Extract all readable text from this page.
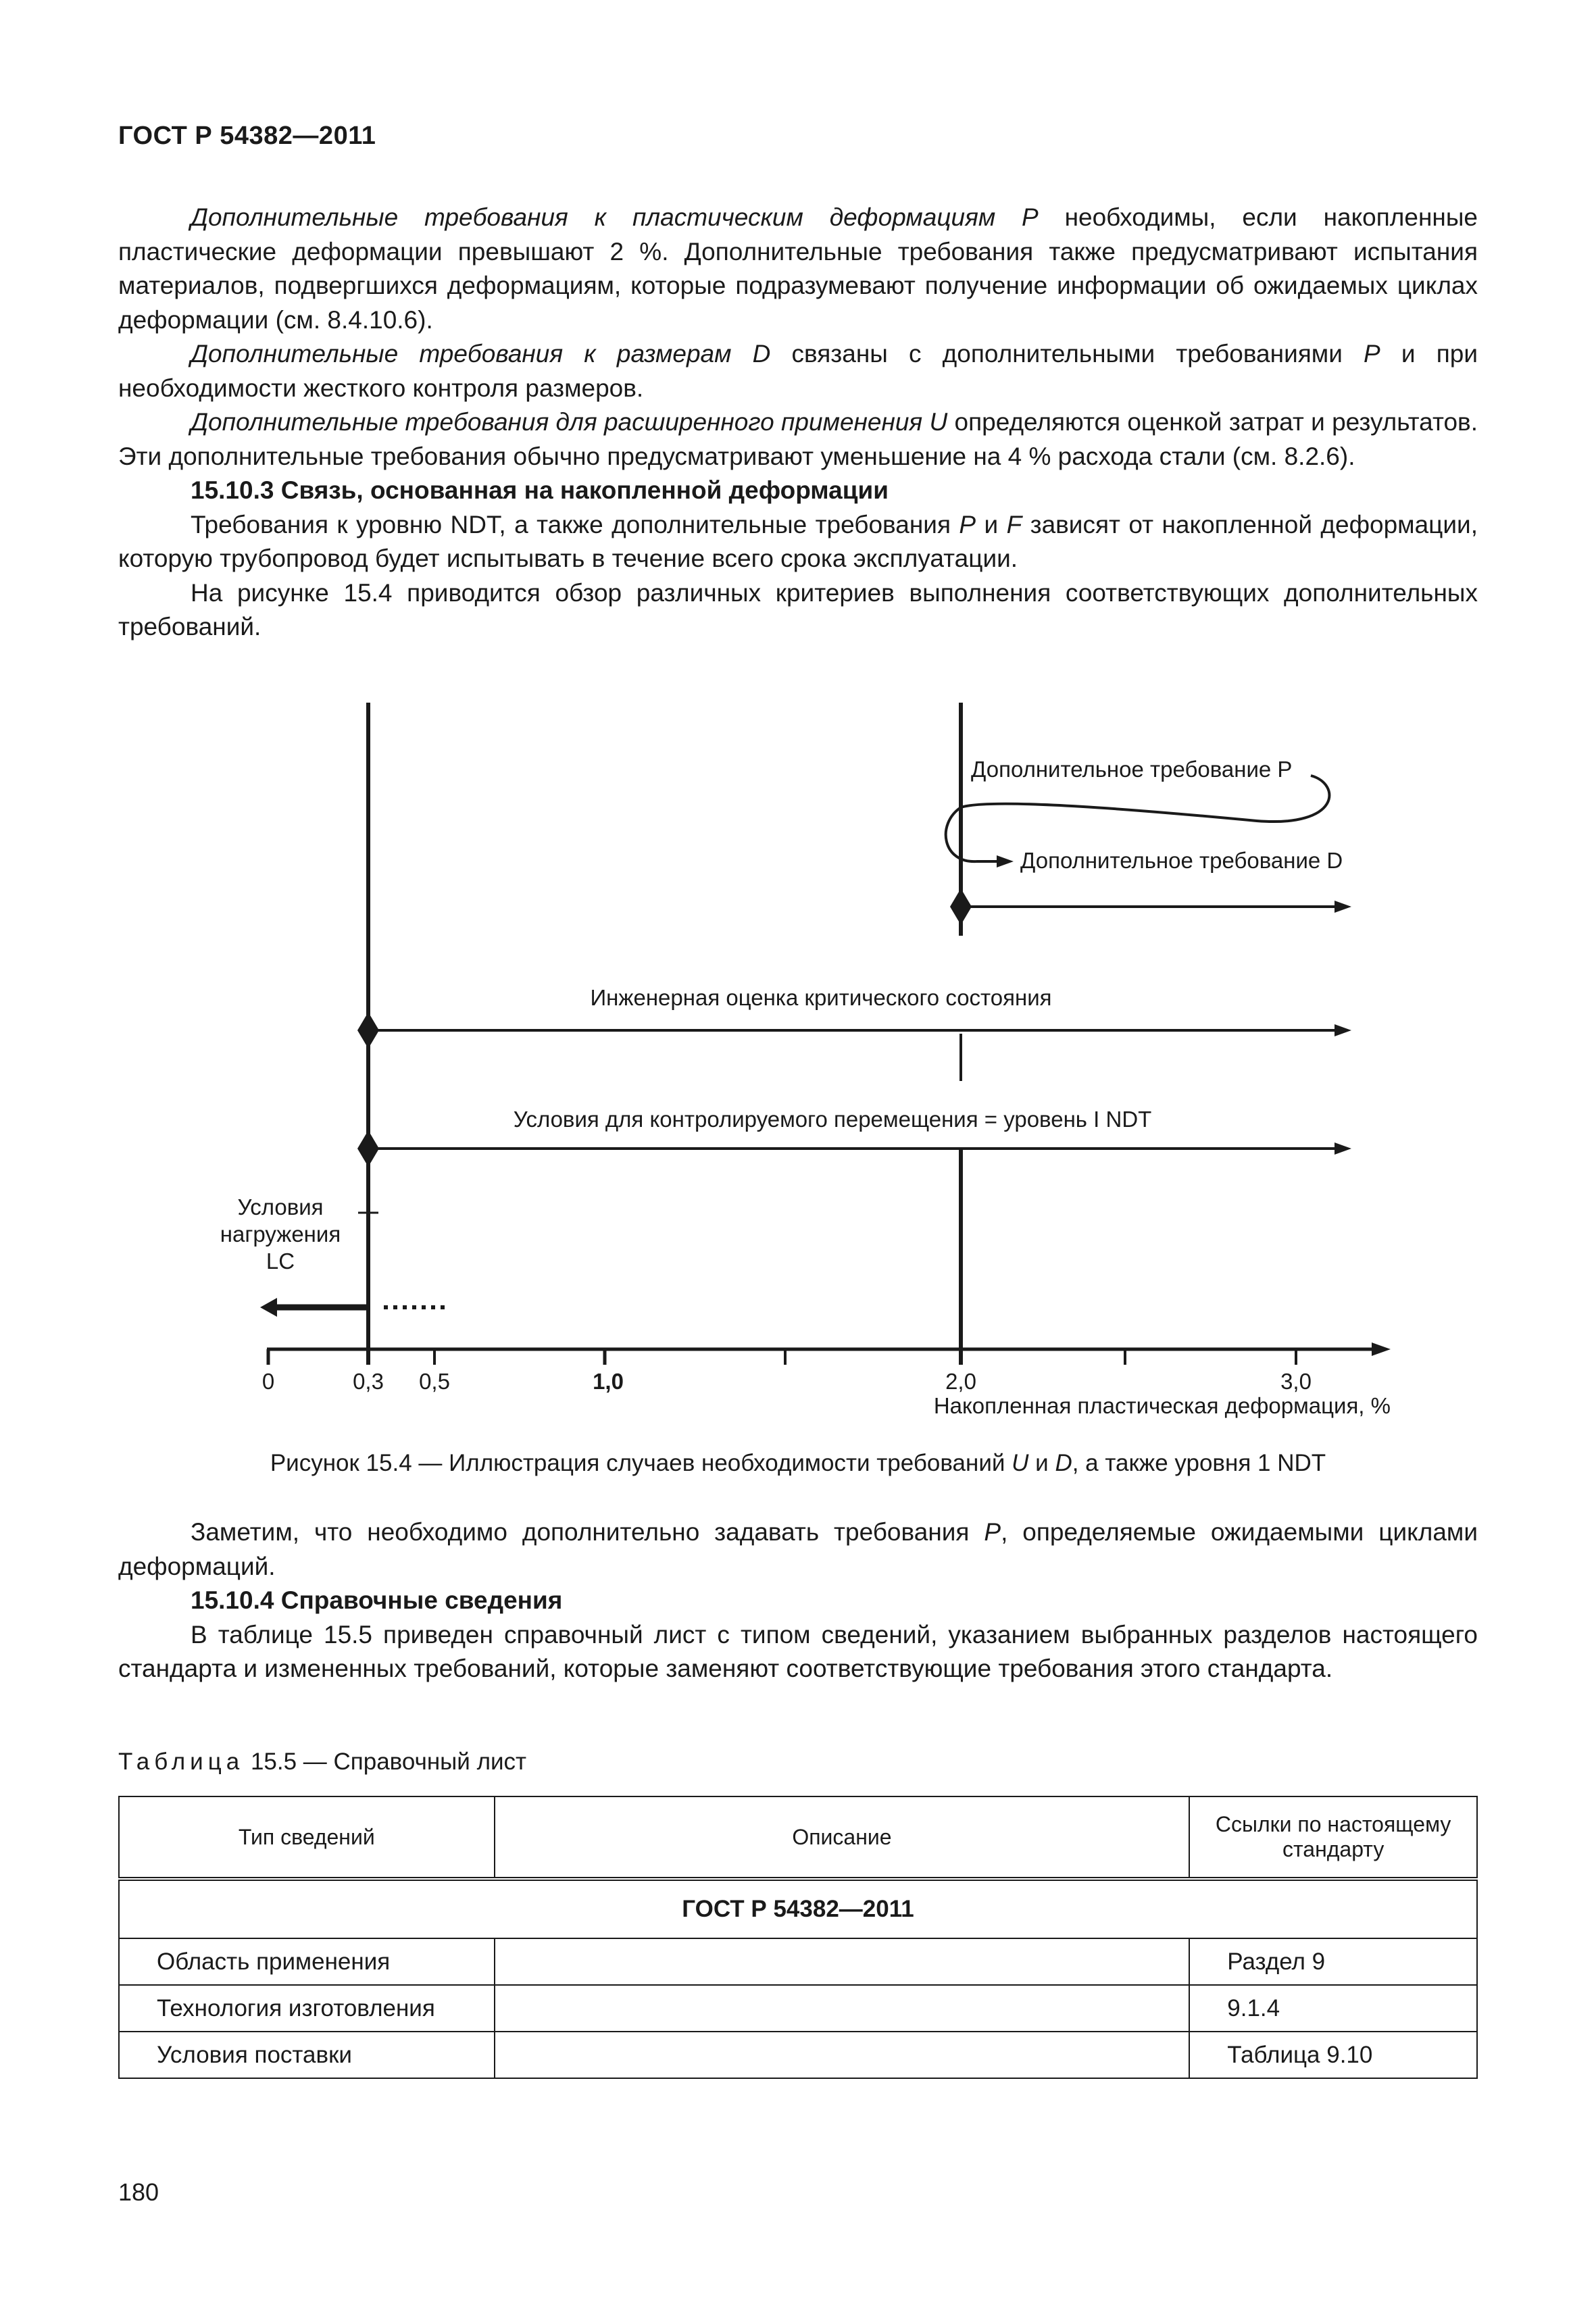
ГОСТ Р 54382—2011

Дополнительные требования к пластическим деформациям P необходимы, если накопленные пластические деформации превышают 2 %. Дополнительные требования также предусматривают испытания материалов, подвергшихся деформациям, которые подразумевают получение информации об ожидаемых циклах деформации (см. 8.4.10.6).

Дополнительные требования к размерам D связаны с дополнительными требованиями P и при необходимости жесткого контроля размеров.

Дополнительные требования для расширенного применения U определяются оценкой затрат и результатов. Эти дополнительные требования обычно предусматривают уменьшение на 4 % расхода стали (см. 8.2.6).

15.10.3 Связь, основанная на накопленной деформации

Требования к уровню NDT, а также дополнительные требования P и F зависят от накопленной деформации, которую трубопровод будет испытывать в течение всего срока эксплуатации.

На рисунке 15.4 приводится обзор различных критериев выполнения соответствующих дополнительных требований.

Дополнительное требование P
Дополнительное требование D
Инженерная оценка критического состояния
Условия для контролируемого перемещения = уровень I NDT
Условия
нагружения
LC
0	0,3 0,5	1,0	2,0	3,0
Накопленная пластическая деформация, %
Рисунок 15.4 — Иллюстрация случаев необходимости требований U и D, а также уровня 1 NDT

Заметим, что необходимо дополнительно задавать требования P, определяемые ожидаемыми циклами деформаций.

15.10.4 Справочные сведения

В таблице 15.5 приведен справочный лист с типом сведений, указанием выбранных разделов настоящего стандарта и измененных требований, которые заменяют соответствующие требования этого стандарта.

Таблица 15.5 — Справочный лист
Тип сведений	Описание	Ссылки по настоящему стандарту
ГОСТ Р 54382—2011		
Область применения		Раздел 9
Технология изготовления		9.1.4
Условия поставки		Таблица 9.10
180
